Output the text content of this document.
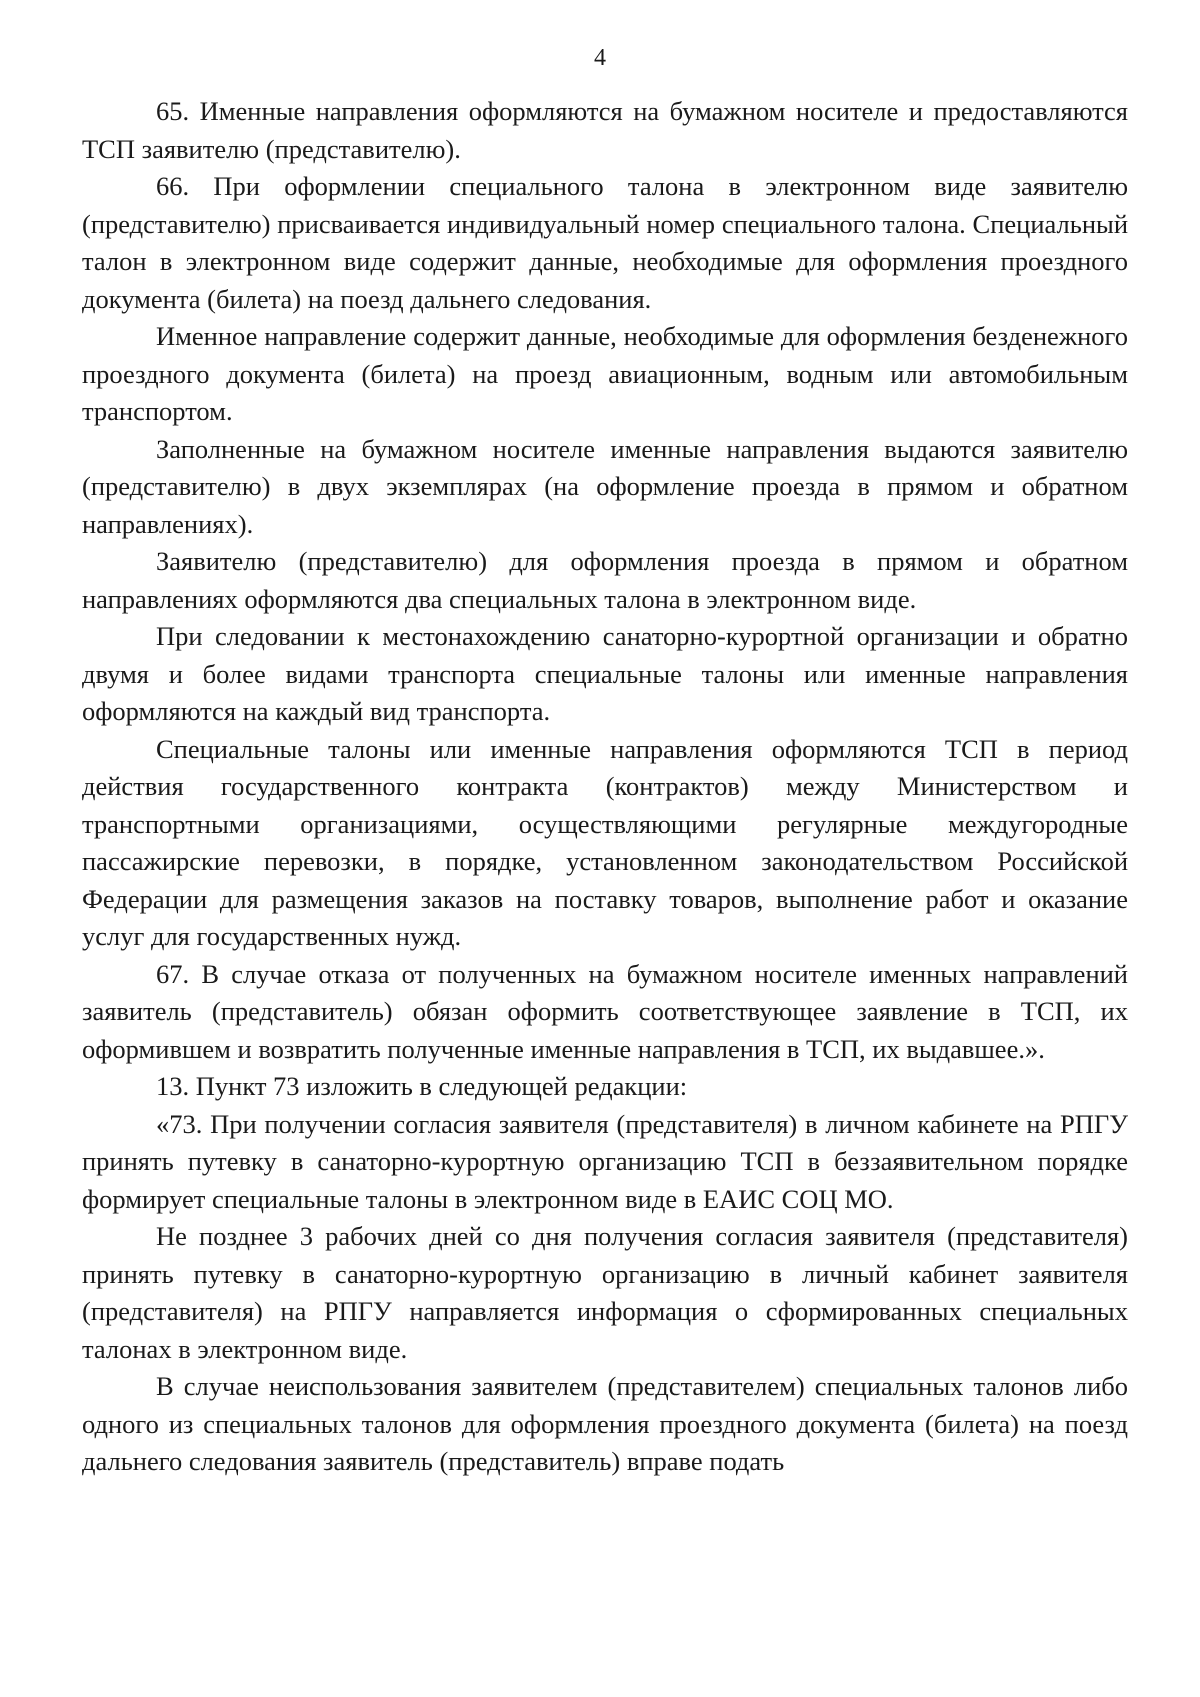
4

65. Именные направления оформляются на бумажном носителе и предоставляются ТСП заявителю (представителю).

66. При оформлении специального талона в электронном виде заявителю (представителю) присваивается индивидуальный номер специального талона. Специальный талон в электронном виде содержит данные, необходимые для оформления проездного документа (билета) на поезд дальнего следования.

Именное направление содержит данные, необходимые для оформления безденежного проездного документа (билета) на проезд авиационным, водным или автомобильным транспортом.

Заполненные на бумажном носителе именные направления выдаются заявителю (представителю) в двух экземплярах (на оформление проезда в прямом и обратном направлениях).

Заявителю (представителю) для оформления проезда в прямом и обратном направлениях оформляются два специальных талона в электронном виде.

При следовании к местонахождению санаторно-курортной организации и обратно двумя и более видами транспорта специальные талоны или именные направления оформляются на каждый вид транспорта.

Специальные талоны или именные направления оформляются ТСП в период действия государственного контракта (контрактов) между Министерством и транспортными организациями, осуществляющими регулярные междугородные пассажирские перевозки, в порядке, установленном законодательством Российской Федерации для размещения заказов на поставку товаров, выполнение работ и оказание услуг для государственных нужд.

67. В случае отказа от полученных на бумажном носителе именных направлений заявитель (представитель) обязан оформить соответствующее заявление в ТСП, их оформившем и возвратить полученные именные направления в ТСП, их выдавшее.».

13. Пункт 73 изложить в следующей редакции:

«73. При получении согласия заявителя (представителя) в личном кабинете на РПГУ принять путевку в санаторно-курортную организацию ТСП в беззаявительном порядке формирует специальные талоны в электронном виде в ЕАИС СОЦ МО.

Не позднее 3 рабочих дней со дня получения согласия заявителя (представителя) принять путевку в санаторно-курортную организацию в личный кабинет заявителя (представителя) на РПГУ направляется информация о сформированных специальных талонах в электронном виде.

В случае неиспользования заявителем (представителем) специальных талонов либо одного из специальных талонов для оформления проездного документа (билета) на поезд дальнего следования заявитель (представитель) вправе подать
